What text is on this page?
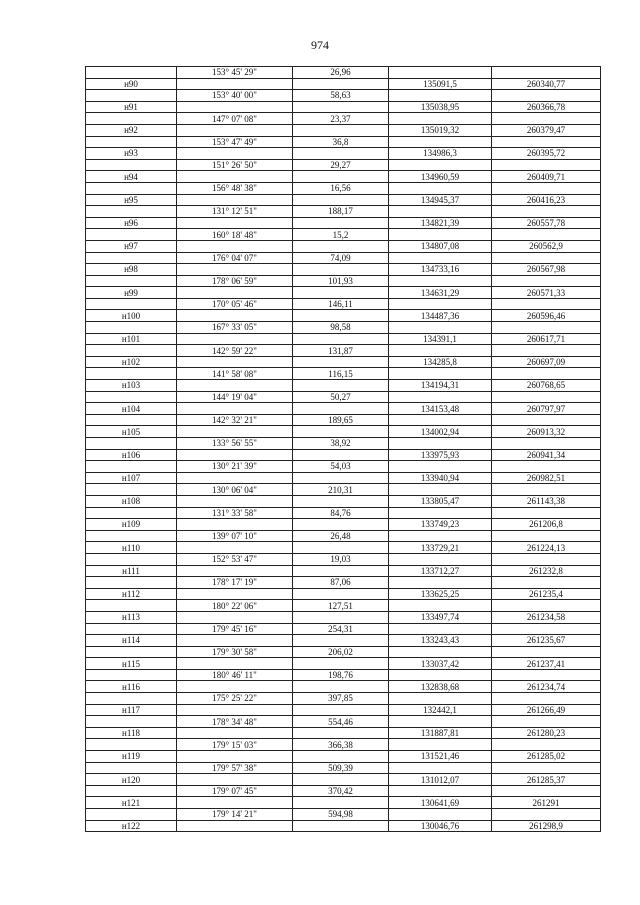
974
	153° 45' 29"	26,96		
н90			135091,5	260340,77
	153° 40' 00"	58,63		
н91			135038,95	260366,78
	147° 07' 08"	23,37		
н92			135019,32	260379,47
	153° 47' 49"	36,8		
н93			134986,3	260395,72
	151° 26' 50"	29,27		
н94			134960,59	260409,71
	156° 48' 38"	16,56		
н95			134945,37	260416,23
	131° 12' 51"	188,17		
н96			134821,39	260557,78
	160° 18' 48"	15,2		
н97			134807,08	260562,9
	176° 04' 07"	74,09		
н98			134733,16	260567,98
	178° 06' 59"	101,93		
н99			134631,29	260571,33
	170° 05' 46"	146,11		
н100			134487,36	260596,46
	167° 33' 05"	98,58		
н101			134391,1	260617,71
	142° 59' 22"	131,87		
н102			134285,8	260697,09
	141° 58' 08"	116,15		
н103			134194,31	260768,65
	144° 19' 04"	50,27		
н104			134153,48	260797,97
	142° 32' 21"	189,65		
н105			134002,94	260913,32
	133° 56' 55"	38,92		
н106			133975,93	260941,34
	130° 21' 39"	54,03		
н107			133940,94	260982,51
	130° 06' 04"	210,31		
н108			133805,47	261143,38
	131° 33' 58"	84,76		
н109			133749,23	261206,8
	139° 07' 10"	26,48		
н110			133729,21	261224,13
	152° 53' 47"	19,03		
н111			133712,27	261232,8
	178° 17' 19"	87,06		
н112			133625,25	261235,4
	180° 22' 06"	127,51		
н113			133497,74	261234,58
	179° 45' 16"	254,31		
н114			133243,43	261235,67
	179° 30' 58"	206,02		
н115			133037,42	261237,41
	180° 46' 11"	198,76		
н116			132838,68	261234,74
	175° 25' 22"	397,85		
н117			132442,1	261266,49
	178° 34' 48"	554,46		
н118			131887,81	261280,23
	179° 15' 03"	366,38		
н119			131521,46	261285,02
	179° 57' 38"	509,39		
н120			131012,07	261285,37
	179° 07' 45"	370,42		
н121			130641,69	261291
	179° 14' 21"	594,98		
н122			130046,76	261298,9
